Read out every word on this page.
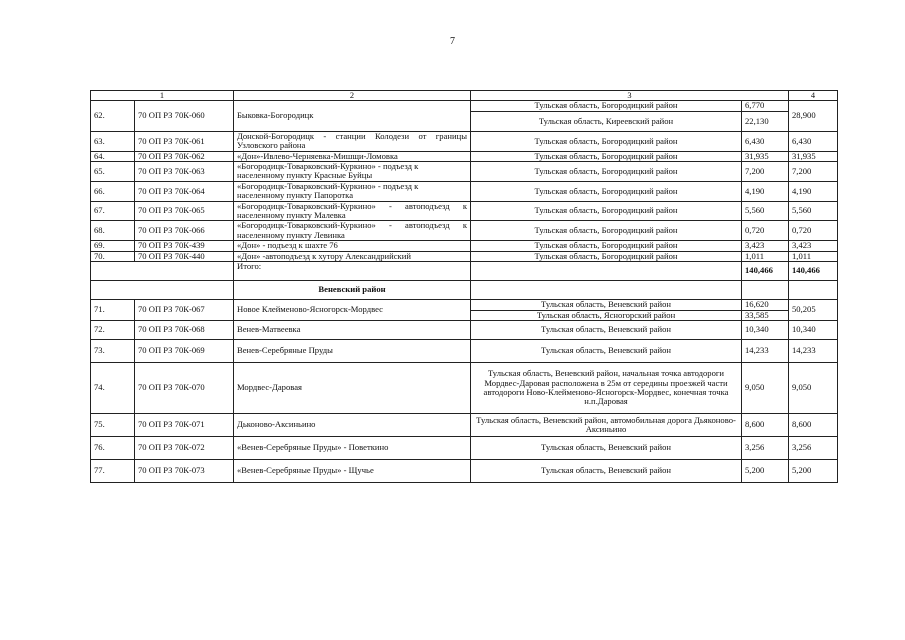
7
1		2	3		4
62.	70 ОП РЗ 70К-060	Быковка-Богородицк	Тульская область, Богородицкий район	6,770	28,900
			Тульская область, Киреевский район	22,130	
63.	70 ОП РЗ 70К-061	Донской-Богородицк - станции Колодези от границы Узловского района	Тульская область, Богородицкий район	6,430	6,430
64.	70 ОП РЗ 70К-062	«Дон»-Ивлево-Черняевка-Мишщи-Ломовка	Тульская область, Богородицкий район	31,935	31,935
65.	70 ОП РЗ 70К-063	«Богородицк-Товарковский-Куркино» - подъезд к населенному пункту Красные Буйцы	Тульская область, Богородицкий район	7,200	7,200
66.	70 ОП РЗ 70К-064	«Богородицк-Товарковский-Куркино» - подъезд к населенному пункту Папоротка	Тульская область, Богородицкий район	4,190	4,190
67.	70 ОП РЗ 70К-065	«Богородицк-Товарковский-Куркино» - автоподъезд к населенному пункту Малевка	Тульская область, Богородицкий район	5,560	5,560
68.	70 ОП РЗ 70К-066	«Богородицк-Товарковский-Куркино» - автоподъезд к населенному пункту Левинка	Тульская область, Богородицкий район	0,720	0,720
69.	70 ОП РЗ 70К-439	«Дон» - подъезд к шахте 76	Тульская область, Богородицкий район	3,423	3,423
70.	70 ОП РЗ 70К-440	«Дон» -автоподъезд к хутору Александрийский	Тульская область, Богородицкий район	1,011	1,011
		Итого:		140,466	140,466
		Веневский район			
71.	70 ОП РЗ 70К-067	Новое Клейменово-Ясногорск-Мордвес	Тульская область, Веневский район	16,620	50,205
			Тульская область, Ясногорский район	33,585	
72.	70 ОП РЗ 70К-068	Венев-Матвеевка	Тульская область, Веневский район	10,340	10,340
73.	70 ОП РЗ 70К-069	Венев-Серебряные Пруды	Тульская область, Веневский район	14,233	14,233
74.	70 ОП РЗ 70К-070	Мордвес-Даровая	Тульская область, Веневский район, начальная точка автодороги Мордвес-Даровая расположена в 25м от середины проезжей части автодороги Ново-Клейменово-Ясногорск-Мордвес, конечная точка н.п.Даровая	9,050	9,050
75.	70 ОП РЗ 70К-071	Дьконово-Аксиньино	Тульская область, Веневский район, автомобильная дорога Дьяконово-Аксиньино	8,600	8,600
76.	70 ОП РЗ 70К-072	«Венев-Серебряные Пруды» - Поветкино	Тульская область, Веневский район	3,256	3,256
77.	70 ОП РЗ 70К-073	«Венев-Серебряные Пруды» - Щучье	Тульская область, Веневский район	5,200	5,200
